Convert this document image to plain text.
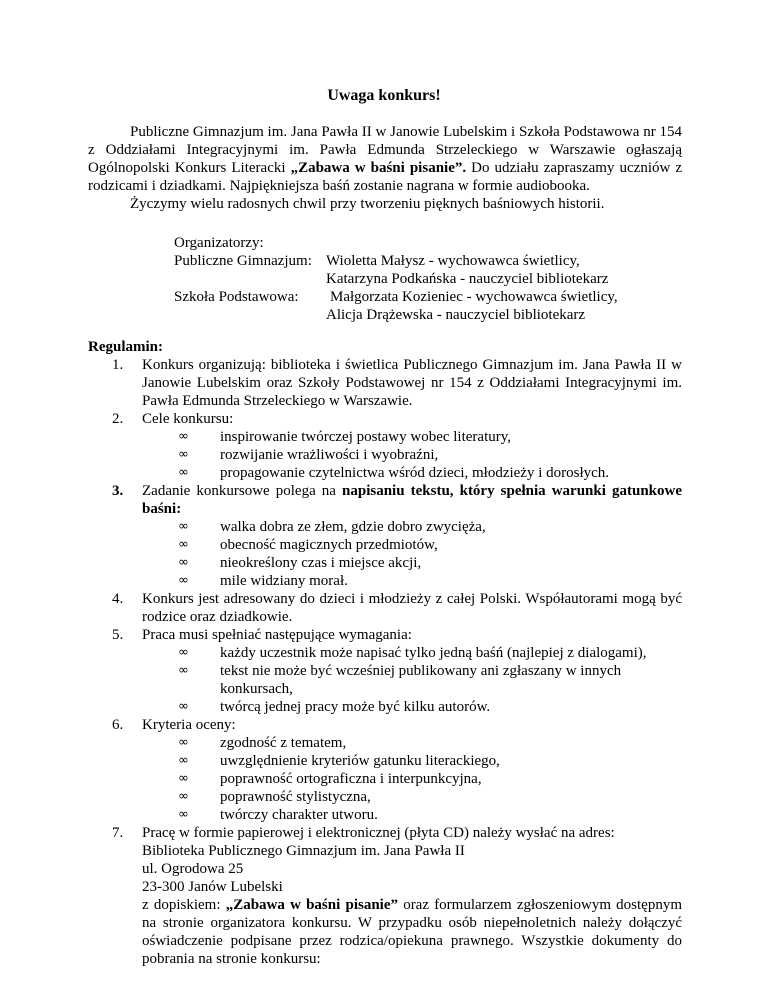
Uwaga konkurs!

Publiczne Gimnazjum im. Jana Pawła II w Janowie Lubelskim i Szkoła Podstawowa nr 154 z Oddziałami Integracyjnymi im. Pawła Edmunda Strzeleckiego w Warszawie ogłaszają Ogólnopolski Konkurs Literacki „Zabawa w baśni pisanie”. Do udziału zapraszamy uczniów z rodzicami i dziadkami. Najpiękniejsza baśń zostanie nagrana w formie audiobooka.

Życzymy wielu radosnych chwil przy tworzeniu pięknych baśniowych historii.

Organizatorzy:
Publiczne Gimnazjum: Wioletta Małysz - wychowawca świetlicy,
Katarzyna Podkańska - nauczyciel bibliotekarz
Szkoła Podstawowa:	Małgorzata Kozieniec - wychowawca świetlicy,
Alicja Drążewska - nauczyciel bibliotekarz
Regulamin:
1.	Konkurs organizują: biblioteka i świetlica Publicznego Gimnazjum im. Jana Pawła II w Janowie Lubelskim oraz Szkoły Podstawowej nr 154 z Oddziałami Integracyjnymi im. Pawła Edmunda Strzeleckiego w Warszawie.
2.	Cele konkursu:
∞ inspirowanie twórczej postawy wobec literatury,
∞ rozwijanie wrażliwości i wyobraźni,
∞ propagowanie czytelnictwa wśród dzieci, młodzieży i dorosłych.
3.	Zadanie konkursowe polega na napisaniu tekstu, który spełnia warunki gatunkowe baśni:
∞ walka dobra ze złem, gdzie dobro zwycięża,
∞ obecność magicznych przedmiotów,
∞ nieokreślony czas i miejsce akcji,
∞ mile widziany morał.
4.	Konkurs jest adresowany do dzieci i młodzieży z całej Polski. Współautorami mogą być rodzice oraz dziadkowie.
5.	Praca musi spełniać następujące wymagania:
∞ każdy uczestnik może napisać tylko jedną baśń (najlepiej z dialogami),
∞ tekst nie może być wcześniej publikowany ani zgłaszany w innych konkursach,
∞ twórcą jednej pracy może być kilku autorów.
6.	Kryteria oceny:
∞ zgodność z tematem,
∞ uwzględnienie kryteriów gatunku literackiego,
∞ poprawność ortograficzna i interpunkcyjna,
∞ poprawność stylistyczna,
∞ twórczy charakter utworu.
7.	Pracę w formie papierowej i elektronicznej (płyta CD) należy wysłać na adres:
Biblioteka Publicznego Gimnazjum im. Jana Pawła II
ul. Ogrodowa 25
23-300 Janów Lubelski
z dopiskiem: „Zabawa w baśni pisanie” oraz formularzem zgłoszeniowym dostępnym na stronie organizatora konkursu. W przypadku osób niepełnoletnich należy dołączyć oświadczenie podpisane przez rodzica/opiekuna prawnego. Wszystkie dokumenty do pobrania na stronie konkursu:
